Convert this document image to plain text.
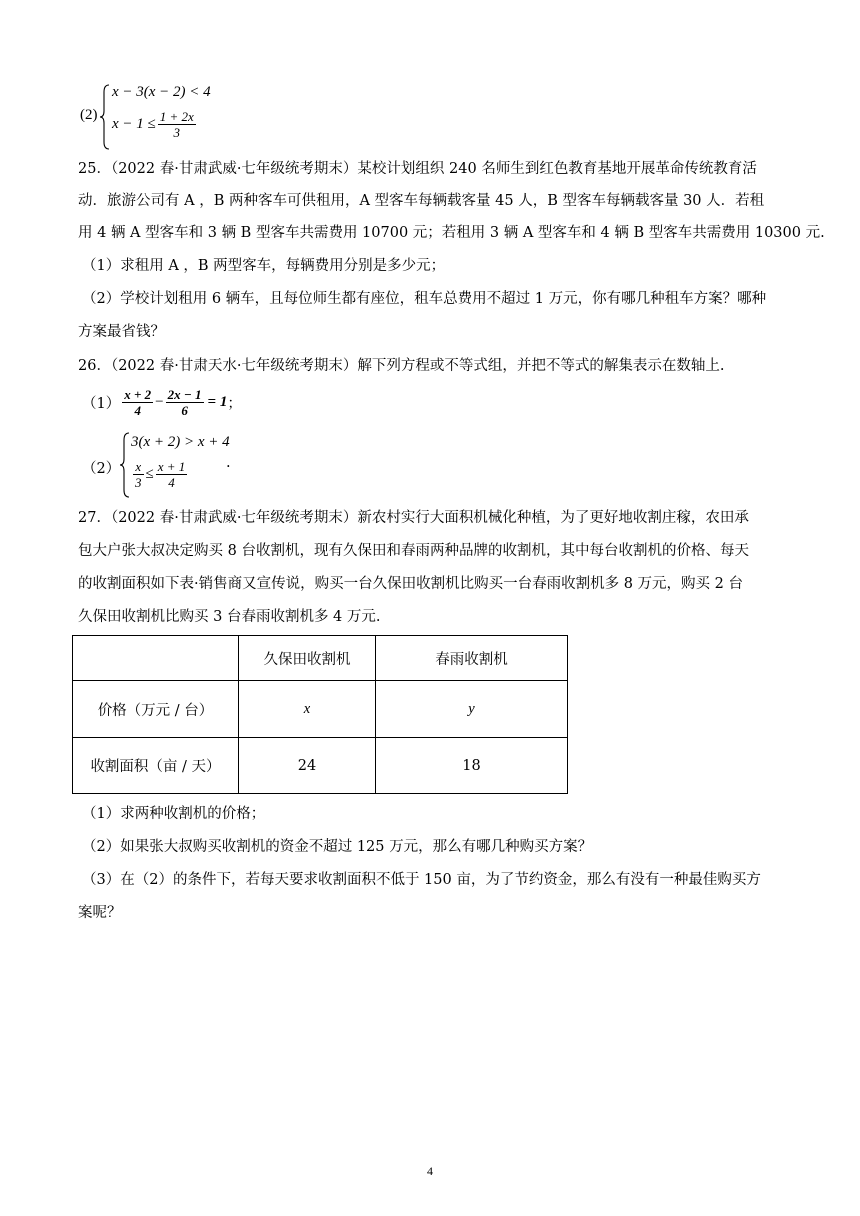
(2)
x − 3(x − 2) < 4
$x - 1 \le \frac{1 + 2x}{3}$
25．（2022 春·甘肃武威·七年级统考期末）某校计划组织 240 名师生到红色教育基地开展革命传统教育活
动．旅游公司有 A ，B 两种客车可供租用，A 型客车每辆载客量 45 人，B 型客车每辆载客量 30 人．若租
用 4 辆 A 型客车和 3 辆 B 型客车共需费用 10700 元；若租用 3 辆 A 型客车和 4 辆 B 型客车共需费用 10300 元.
（1）求租用 A ，B 两型客车，每辆费用分别是多少元；
（2）学校计划租用 6 辆车，且每位师生都有座位，租车总费用不超过 1 万元，你有哪几种租车方案？哪种
方案最省钱？
26．（2022 春·甘肃天水·七年级统考期末）解下列方程或不等式组，并把不等式的解集表示在数轴上.
$(1) \frac{x + 2}{4} - \frac{2x - 1}{6} = 1$ ；
（2）
3(x + 2) > x + 4
$\frac{x}{3} \le \frac{x + 1}{4}$	.
27．（2022 春·甘肃武威·七年级统考期末）新农村实行大面积机械化种植，为了更好地收割庄稼，农田承
包大户张大叔决定购买 8 台收割机，现有久保田和春雨两种品牌的收割机，其中每台收割机的价格、每天
的收割面积如下表·销售商又宣传说，购买一台久保田收割机比购买一台春雨收割机多 8 万元，购买 2 台
久保田收割机比购买 3 台春雨收割机多 4 万元.
	久保田收割机	春雨收割机
价格（万元 / 台）	x	y
收割面积（亩 / 天）	24	18
（1）求两种收割机的价格；
（2）如果张大叔购买收割机的资金不超过 125 万元，那么有哪几种购买方案？
（3）在（2）的条件下，若每天要求收割面积不低于 150 亩，为了节约资金，那么有没有一种最佳购买方
案呢？
4
